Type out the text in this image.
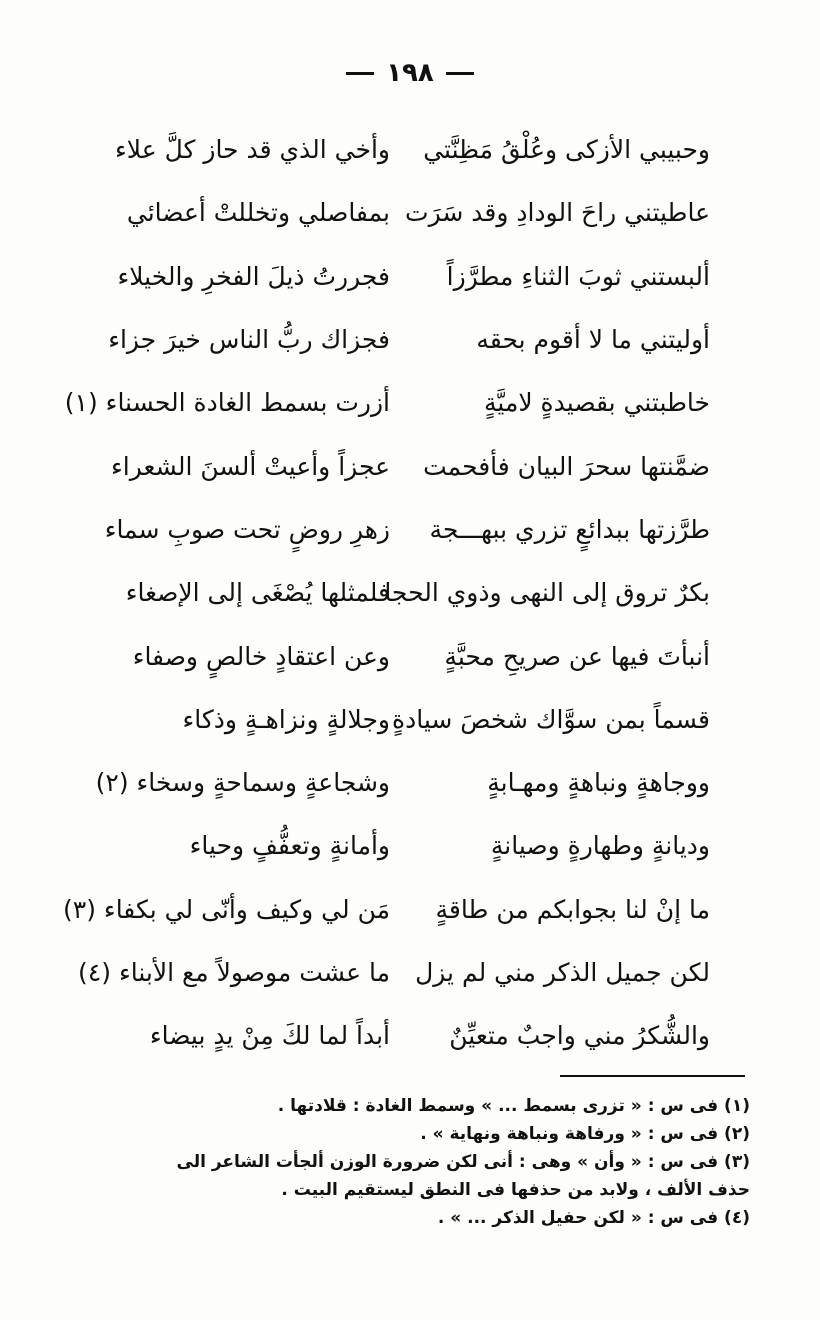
١٩٨
وحبيبي الأزكى وعُلْقُ مَظِنَّتي
وأخي الذي قد حاز كلَّ علاء
عاطيتني راحَ الودادِ وقد سَرَت
بمفاصلي وتخللتْ أعضائي
ألبستني ثوبَ الثناءِ مطرَّزاً
فجررتُ ذيلَ الفخرِ والخيلاء
أوليتني ما لا أقوم بحقه
فجزاك ربُّ الناس خيرَ جزاء
خاطبتني بقصيدةٍ لاميَّةٍ
أزرت بسمط الغادة الحسناء (١)
ضمَّنتها سحرَ البيان فأفحمت
عجزاً وأعيتْ ألسنَ الشعراء
طرَّزتها ببدائعٍ تزري ببهـــجة
زهرِ روضٍ تحت صوبِ سماء
بكرٌ تروق إلى النهى وذوي الحجا
فلمثلها يُصْغَى إلى الإصغاء
أنبأتَ فيها عن صريحِ محبَّةٍ
وعن اعتقادٍ خالصٍ وصفاء
قسماً بمن سوَّاك شخصَ سيادةٍ
وجلالةٍ ونزاهـةٍ وذكاء
ووجاهةٍ ونباهةٍ ومهـابةٍ
وشجاعةٍ وسماحةٍ وسخاء (٢)
وديانةٍ وطهارةٍ وصيانةٍ
وأمانةٍ وتعفُّفٍ وحياء
ما إنْ لنا بجوابكم من طاقةٍ
مَن لي وكيف وأنّى لي بكفاء (٣)
لكن جميل الذكر مني لم يزل
ما عشت موصولاً مع الأبناء (٤)
والشُّكرُ مني واجبٌ متعيِّنٌ
أبداً لما لكَ مِنْ يدٍ بيضاء
(١) فى س : « تزرى بسمط ... » وسمط الغادة : قلادتها .
(٢) فى س : « ورفاهة ونباهة ونهاية » .
(٣) فى س : « وأن » وهى : أنى لكن ضرورة الوزن ألجأت الشاعر الى
حذف الألف ، ولابد من حذفها فى النطق ليستقيم البيت .
(٤) فى س : « لكن حفيل الذكر ... » .
